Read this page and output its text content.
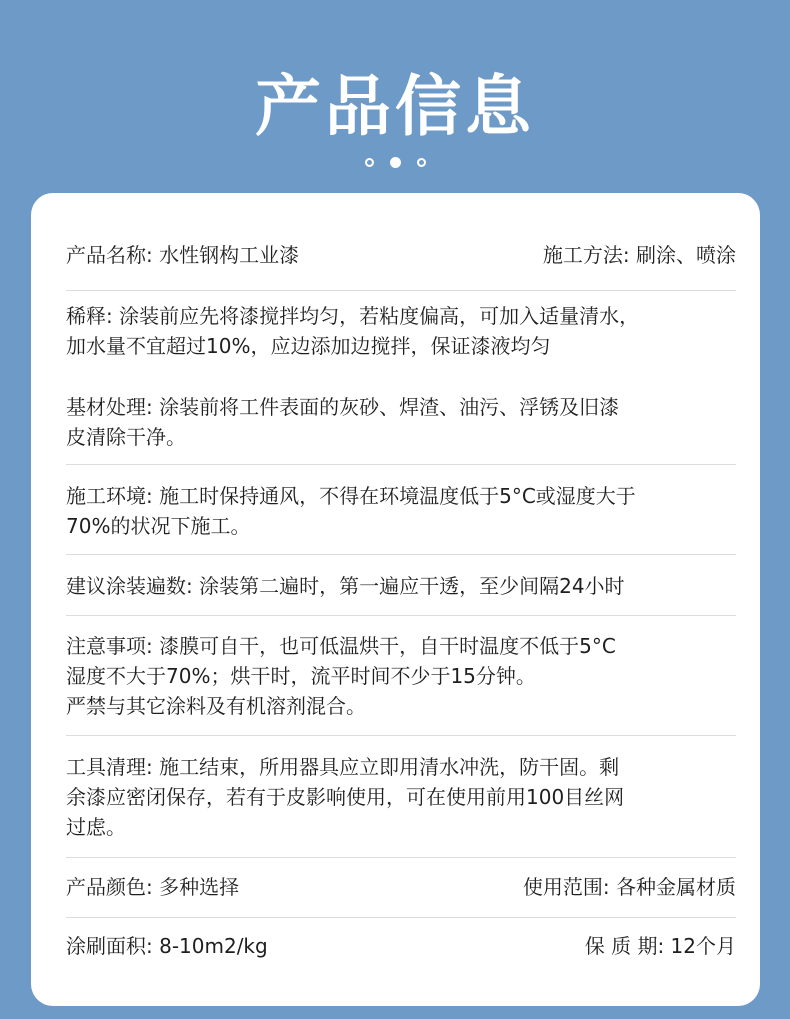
产品信息
产品名称: 水性钢构工业漆	施工方法: 刷涂、喷涂
稀释: 涂装前应先将漆搅拌均匀，若粘度偏高，可加入适量清水，
加水量不宜超过10%，应边添加边搅拌，保证漆液均匀
基材处理: 涂装前将工件表面的灰砂、焊渣、油污、浮锈及旧漆
皮清除干净。
施工环境: 施工时保持通风，不得在环境温度低于5°C或湿度大于
70%的状况下施工。
建议涂装遍数: 涂装第二遍时，第一遍应干透，至少间隔24小时
注意事项: 漆膜可自干，也可低温烘干，自干时温度不低于5°C
湿度不大于70%；烘干时，流平时间不少于15分钟。
严禁与其它涂料及有机溶剂混合。
工具清理: 施工结束，所用器具应立即用清水冲洗，防干固。剩
余漆应密闭保存，若有于皮影响使用，可在使用前用100目丝网
过虑。
产品颜色: 多种选择	使用范围: 各种金属材质
涂刷面积: 8-10m2/kg	保 质 期: 12个月
